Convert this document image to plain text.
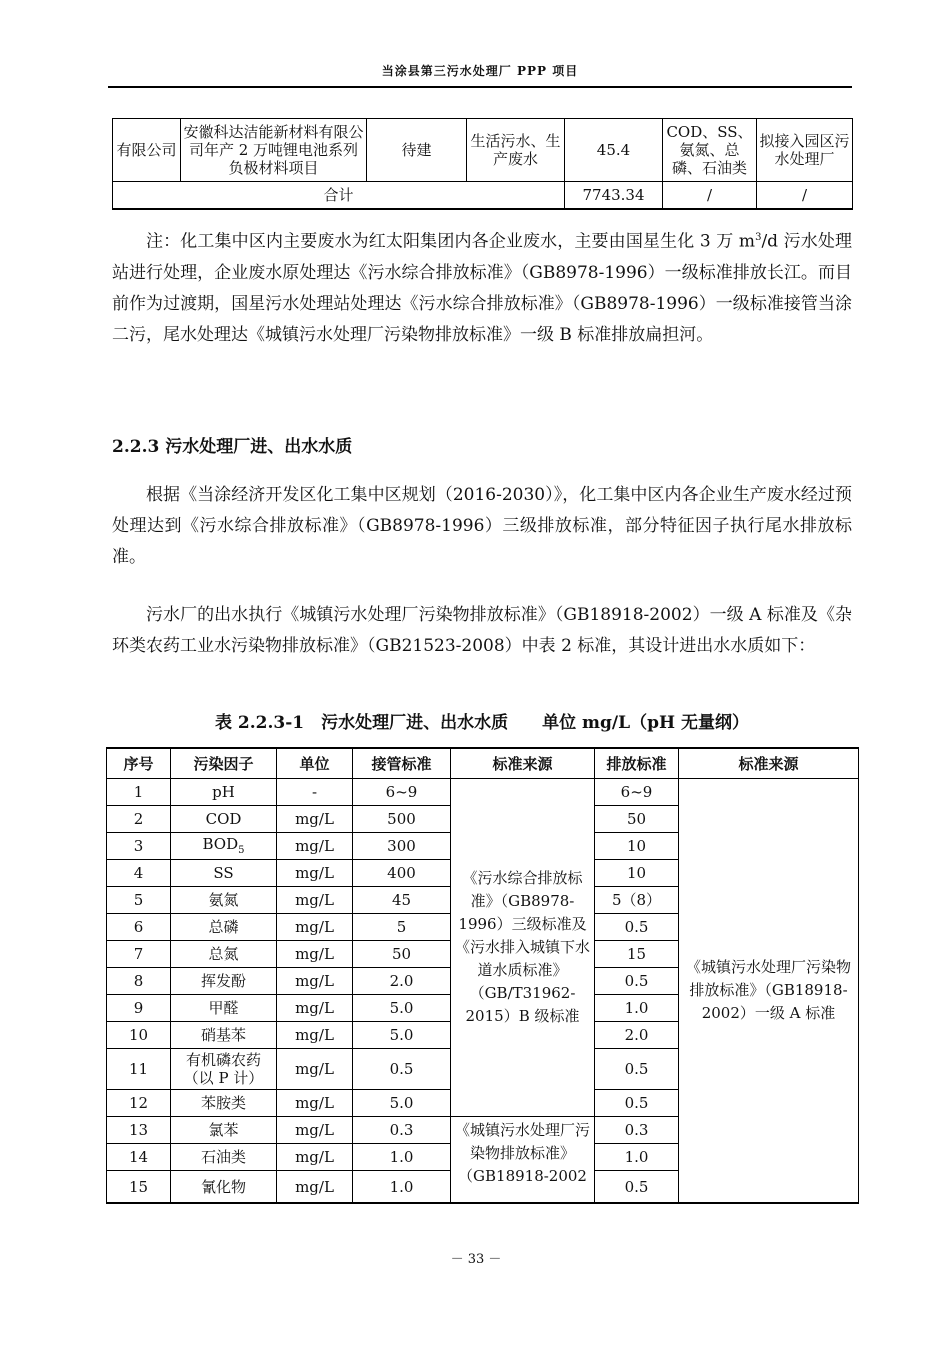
当涂县第三污水处理厂 PPP 项目
有限公司	安徽科达洁能新材料有限公司年产 2 万吨锂电池系列负极材料项目	待建	生活污水、生产废水	45.4	COD、SS、氨氮、总磷、石油类	拟接入园区污水处理厂
合计				7743.34	/	/
注：化工集中区内主要废水为红太阳集团内各企业废水，主要由国星生化 3 万 $m^3/d$ 污水处理站进行处理，企业废水原处理达《污水综合排放标准》（GB8978-1996）一级标准排放长江。而目前作为过渡期，国星污水处理站处理达《污水综合排放标准》（GB8978-1996）一级标准接管当涂二污，尾水处理达《城镇污水处理厂污染物排放标准》一级 B 标准排放扁担河。
2.2.3 污水处理厂进、出水水质
根据《当涂经济开发区化工集中区规划（2016-2030）》，化工集中区内各企业生产废水经过预处理达到《污水综合排放标准》（GB8978-1996）三级排放标准，部分特征因子执行尾水排放标准。
污水厂的出水执行《城镇污水处理厂污染物排放标准》（GB18918-2002）一级 A 标准及《杂环类农药工业水污染物排放标准》（GB21523-2008）中表 2 标准，其设计进出水水质如下：
表 2.2.3-1　污水处理厂进、出水水质　　单位 mg/L（pH 无量纲）
序号	污染因子	单位	接管标准	标准来源	排放标准	标准来源
1	pH	-	6~9	《污水综合排放标准》（GB8978-1996）三级标准及《污水排入城镇下水道水质标准》（GB/T31962-2015）B 级标准	6~9	《城镇污水处理厂污染物排放标准》（GB18918-2002）一级 A 标准
2	COD	mg/L	500		50	
3	$BOD_5$	mg/L	300		10	
4	SS	mg/L	400		10	
5	氨氮	mg/L	45		5（8）	
6	总磷	mg/L	5		0.5	
7	总氮	mg/L	50		15	
8	挥发酚	mg/L	2.0		0.5	
9	甲醛	mg/L	5.0		1.0	
10	硝基苯	mg/L	5.0		2.0	
11	有机磷农药（以 P 计）	mg/L	0.5		0.5	
12	苯胺类	mg/L	5.0		0.5	
13	氯苯	mg/L	0.3	《城镇污水处理厂污染物排放标准》（GB18918-2002	0.3	
14	石油类	mg/L	1.0		1.0	
15	氰化物	mg/L	1.0		0.5	
－ 33 －
